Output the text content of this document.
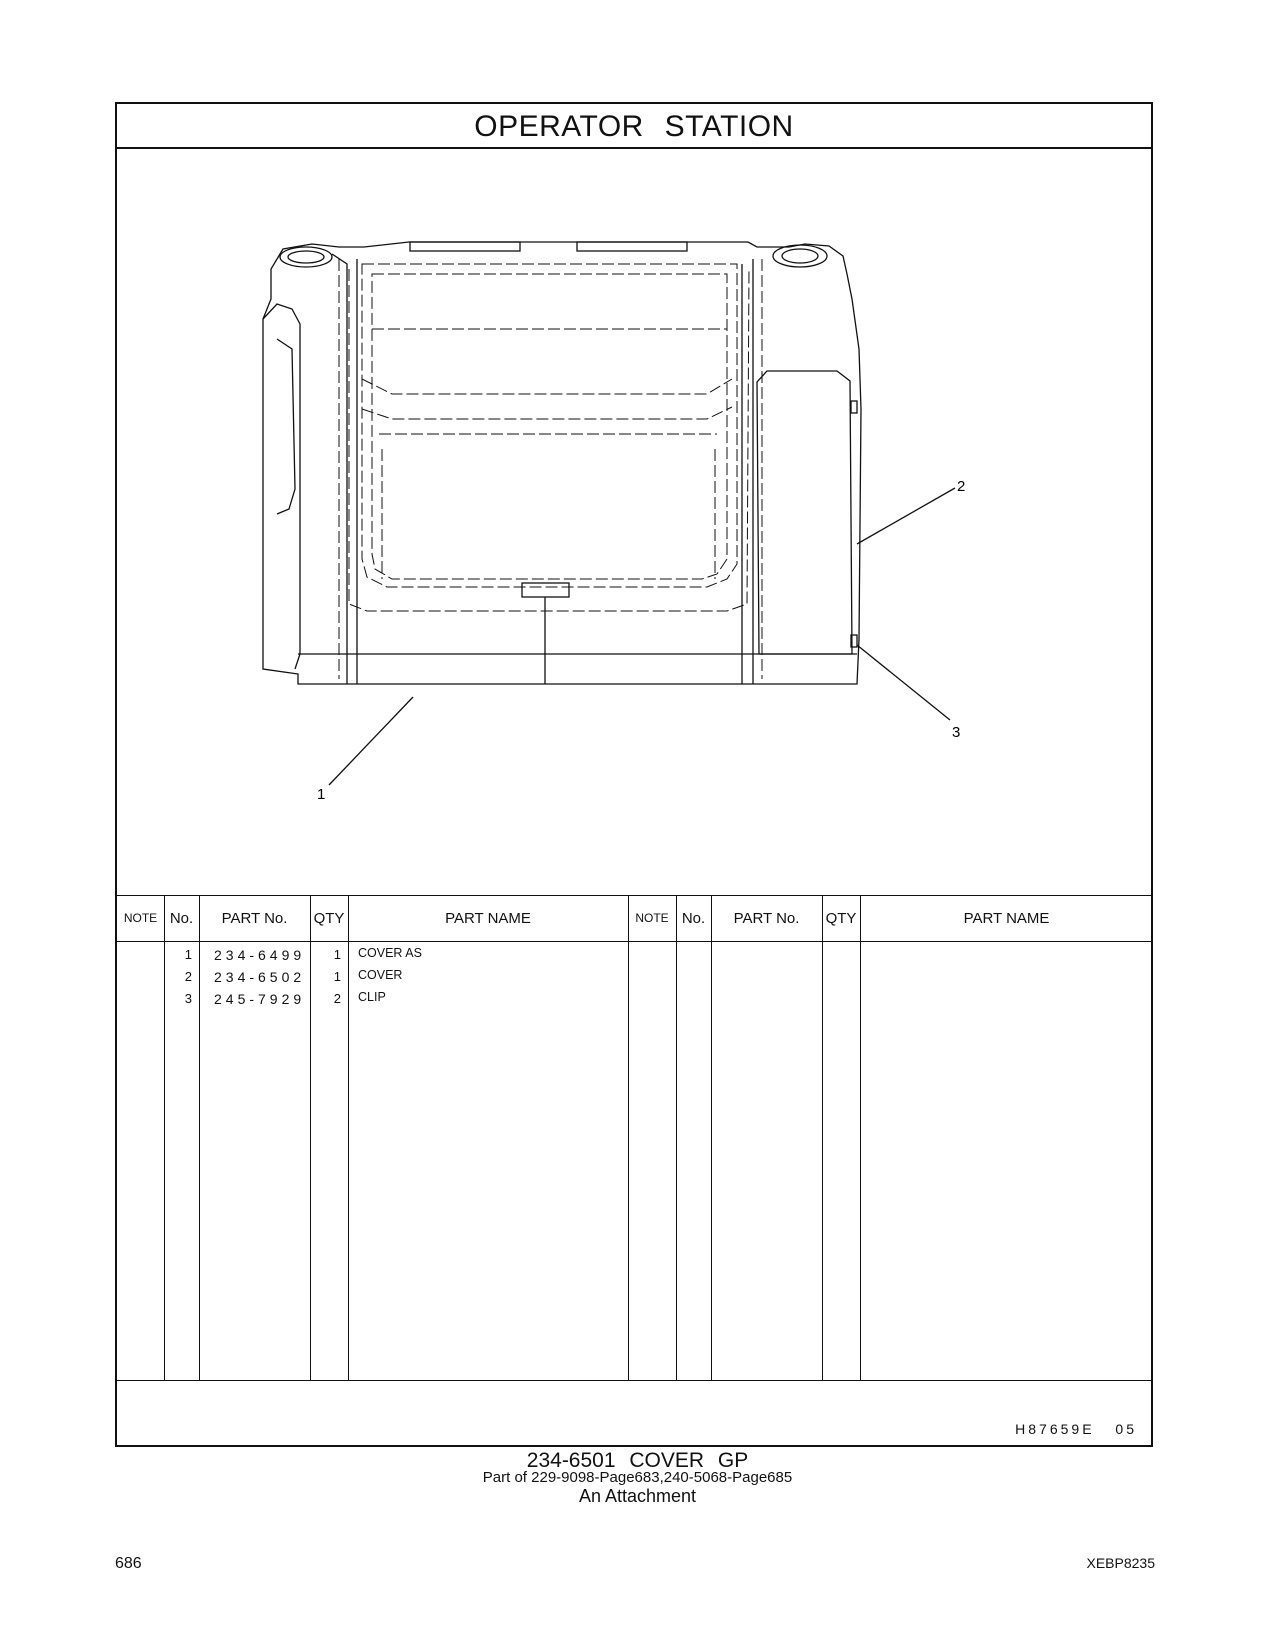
OPERATOR STATION
1
2
3
NOTE No.	PART No.	QTY	PART NAME	NOTE No.	PART No.	QTY	PART NAME
1 234-6499	1 COVER AS
2 234-6502	1 COVER
3 245-7929	2 CLIP
H87659E 05
234-6501 COVER GP
Part of 229-9098-Page683,240-5068-Page685
An Attachment
686	XEBP8235
